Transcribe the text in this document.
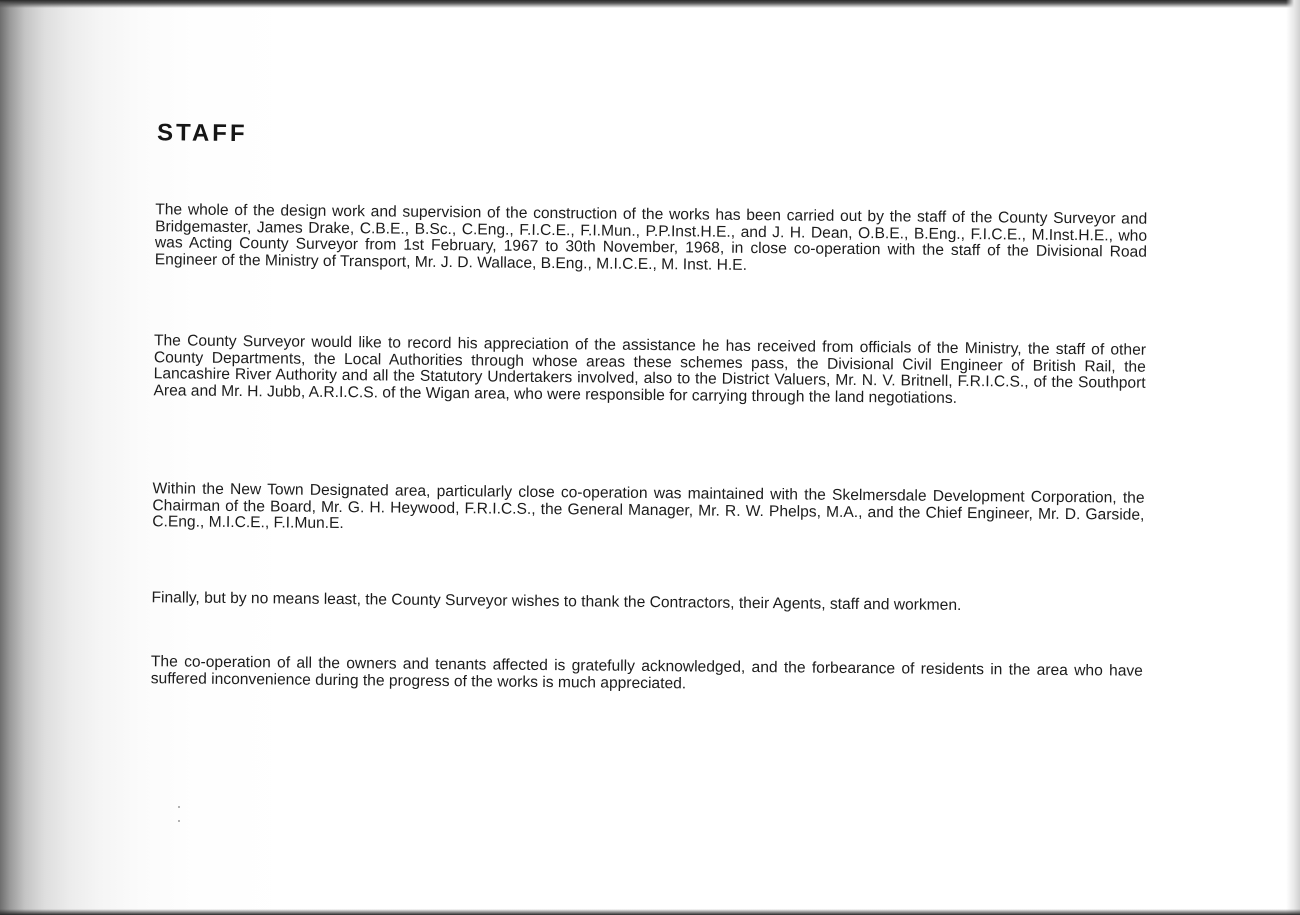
STAFF

The whole of the design work and supervision of the construction of the works has been carried out by the staff of the County Surveyor and Bridgemaster, James Drake, C.B.E., B.Sc., C.Eng., F.I.C.E., F.I.Mun., P.P.Inst.H.E., and J. H. Dean, O.B.E., B.Eng., F.I.C.E., M.Inst.H.E., who was Acting County Surveyor from 1st February, 1967 to 30th November, 1968, in close co-operation with the staff of the Divisional Road Engineer of the Ministry of Transport, Mr. J. D. Wallace, B.Eng., M.I.C.E., M. Inst. H.E.

The County Surveyor would like to record his appreciation of the assistance he has received from officials of the Ministry, the staff of other County Departments, the Local Authorities through whose areas these schemes pass, the Divisional Civil Engineer of British Rail, the Lancashire River Authority and all the Statutory Undertakers involved, also to the District Valuers, Mr. N. V. Britnell, F.R.I.C.S., of the Southport Area and Mr. H. Jubb, A.R.I.C.S. of the Wigan area, who were responsible for carrying through the land negotiations.

Within the New Town Designated area, particularly close co-operation was maintained with the Skelmersdale Development Corporation, the Chairman of the Board, Mr. G. H. Heywood, F.R.I.C.S., the General Manager, Mr. R. W. Phelps, M.A., and the Chief Engineer, Mr. D. Garside, C.Eng., M.I.C.E., F.I.Mun.E.

Finally, but by no means least, the County Surveyor wishes to thank the Contractors, their Agents, staff and workmen.

The co-operation of all the owners and tenants affected is gratefully acknowledged, and the forbearance of residents in the area who have suffered inconvenience during the progress of the works is much appreciated.
